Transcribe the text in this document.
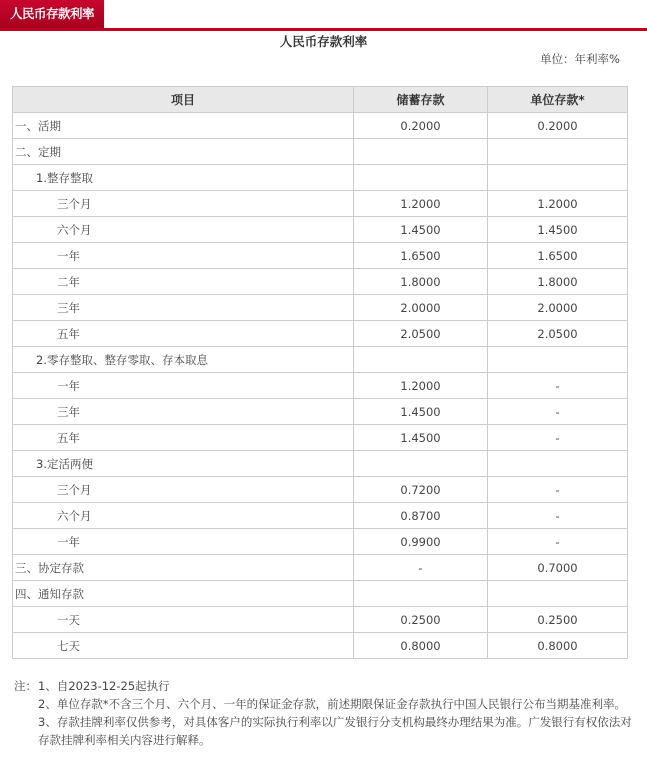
人民币存款利率
人民币存款利率
单位：年利率%
项目	储蓄存款	单位存款*
一、活期	0.2000	0.2000
二、定期		
1.整存整取		
三个月	1.2000	1.2000
六个月	1.4500	1.4500
一年	1.6500	1.6500
二年	1.8000	1.8000
三年	2.0000	2.0000
五年	2.0500	2.0500
2.零存整取、整存零取、存本取息		
一年	1.2000	-
三年	1.4500	-
五年	1.4500	-
3.定活两便		
三个月	0.7200	-
六个月	0.8700	-
一年	0.9900	-
三、协定存款	-	0.7000
四、通知存款		
一天	0.2500	0.2500
七天	0.8000	0.8000
注： 1、自2023-12-25起执行
2、单位存款*不含三个月、六个月、一年的保证金存款，前述期限保证金存款执行中国人民银行公布当期基准利率。
3、存款挂牌利率仅供参考，对具体客户的实际执行利率以广发银行分支机构最终办理结果为准。广发银行有权依法对存款挂牌利率相关内容进行解释。
